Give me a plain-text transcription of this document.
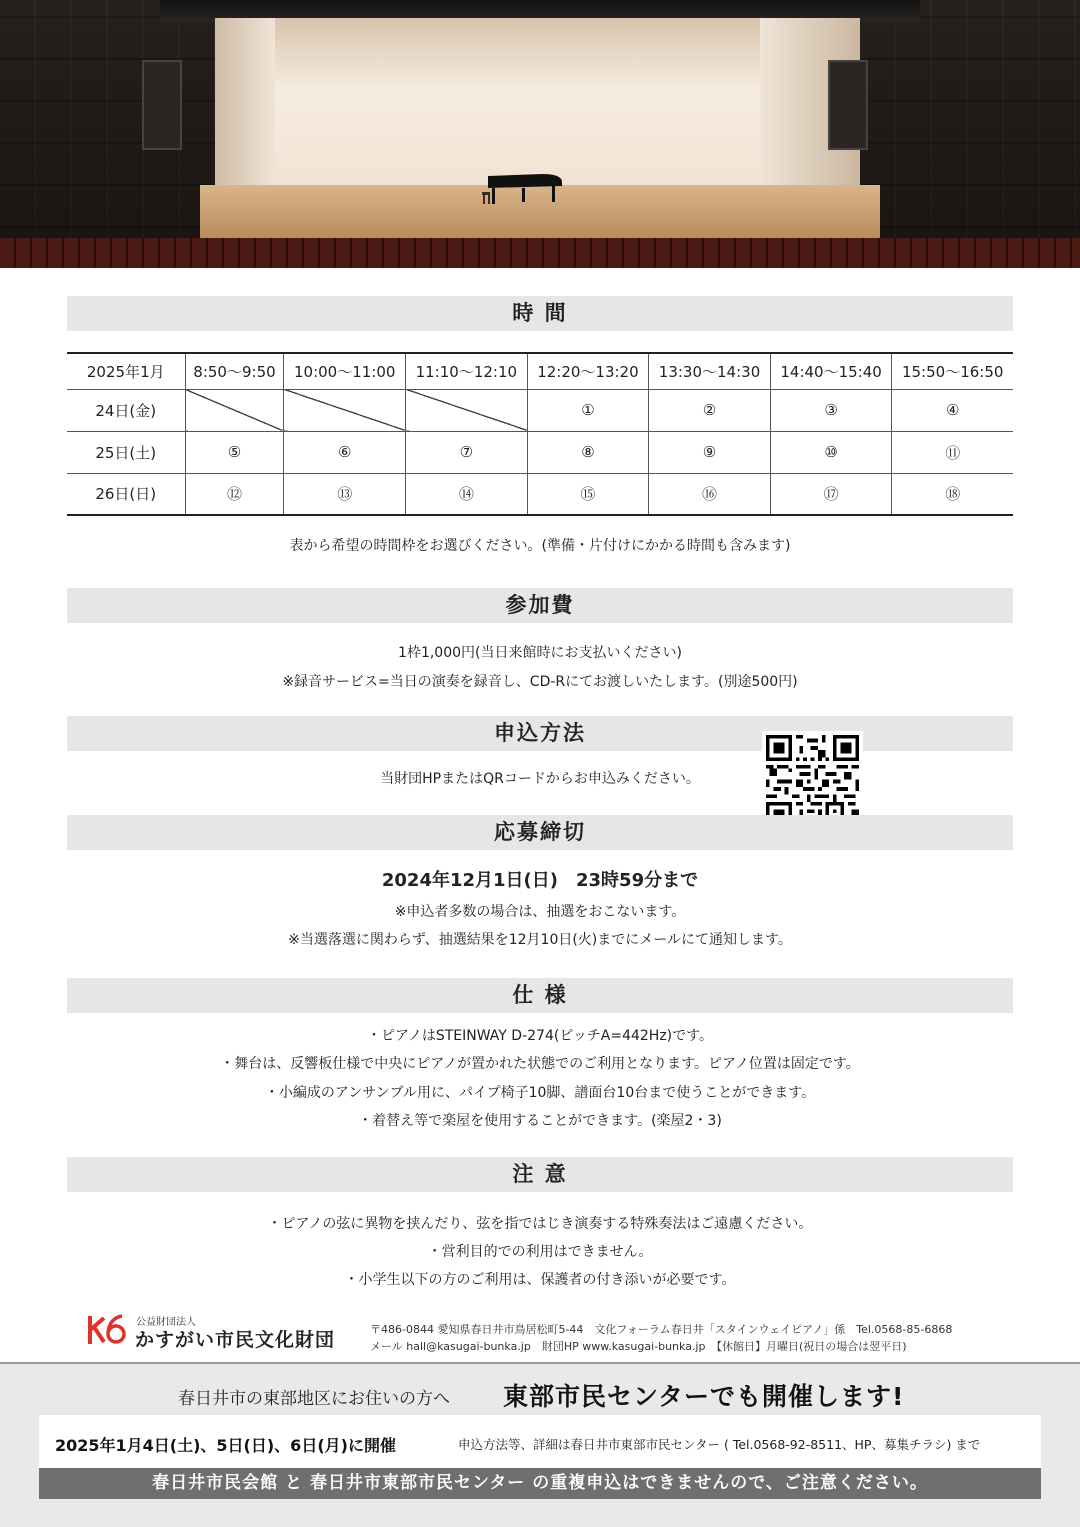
時 間
2025年1月	8:50〜9:50	10:00〜11:00	11:10〜12:10	12:20〜13:20	13:30〜14:30	14:40〜15:40	15:50〜16:50
24日(金)				①	②	③	④
25日(土)	⑤	⑥	⑦	⑧	⑨	⑩	⑪
26日(日)	⑫	⑬	⑭	⑮	⑯	⑰	⑱
表から希望の時間枠をお選びください。(準備・片付けにかかる時間も含みます)
参加費
1枠1,000円(当日来館時にお支払いください)
※録音サービス=当日の演奏を録音し、CD-Rにてお渡しいたします。(別途500円)
申込方法
当財団HPまたはQRコードからお申込みください。
応募締切
2024年12月1日(日)　23時59分まで
※申込者多数の場合は、抽選をおこないます。
※当選落選に関わらず、抽選結果を12月10日(火)までにメールにて通知します。
仕 様
・ピアノはSTEINWAY D-274(ピッチA=442Hz)です。
・舞台は、反響板仕様で中央にピアノが置かれた状態でのご利用となります。ピアノ位置は固定です。
・小編成のアンサンブル用に、パイプ椅子10脚、譜面台10台まで使うことができます。
・着替え等で楽屋を使用することができます。(楽屋2・3)
注 意
・ピアノの弦に異物を挟んだり、弦を指ではじき演奏する特殊奏法はご遠慮ください。
・営利目的での利用はできません。
・小学生以下の方のご利用は、保護者の付き添いが必要です。
公益財団法人
かすがい市民文化財団	〒486-0844 愛知県春日井市鳥居松町5-44　文化フォーラム春日井「スタインウェイピアノ」係　Tel.0568-85-6868
メール hall@kasugai-bunka.jp　財団HP www.kasugai-bunka.jp　【休館日】月曜日(祝日の場合は翌平日)
春日井市の東部地区にお住いの方へ 東部市民センターでも開催します!
2025年1月4日(土)、5日(日)、6日(月)に開催	申込方法等、詳細は春日井市東部市民センター ( Tel.0568-92-8511、HP、募集チラシ) まで
春日井市民会館 と 春日井市東部市民センター の重複申込はできませんので、ご注意ください。
